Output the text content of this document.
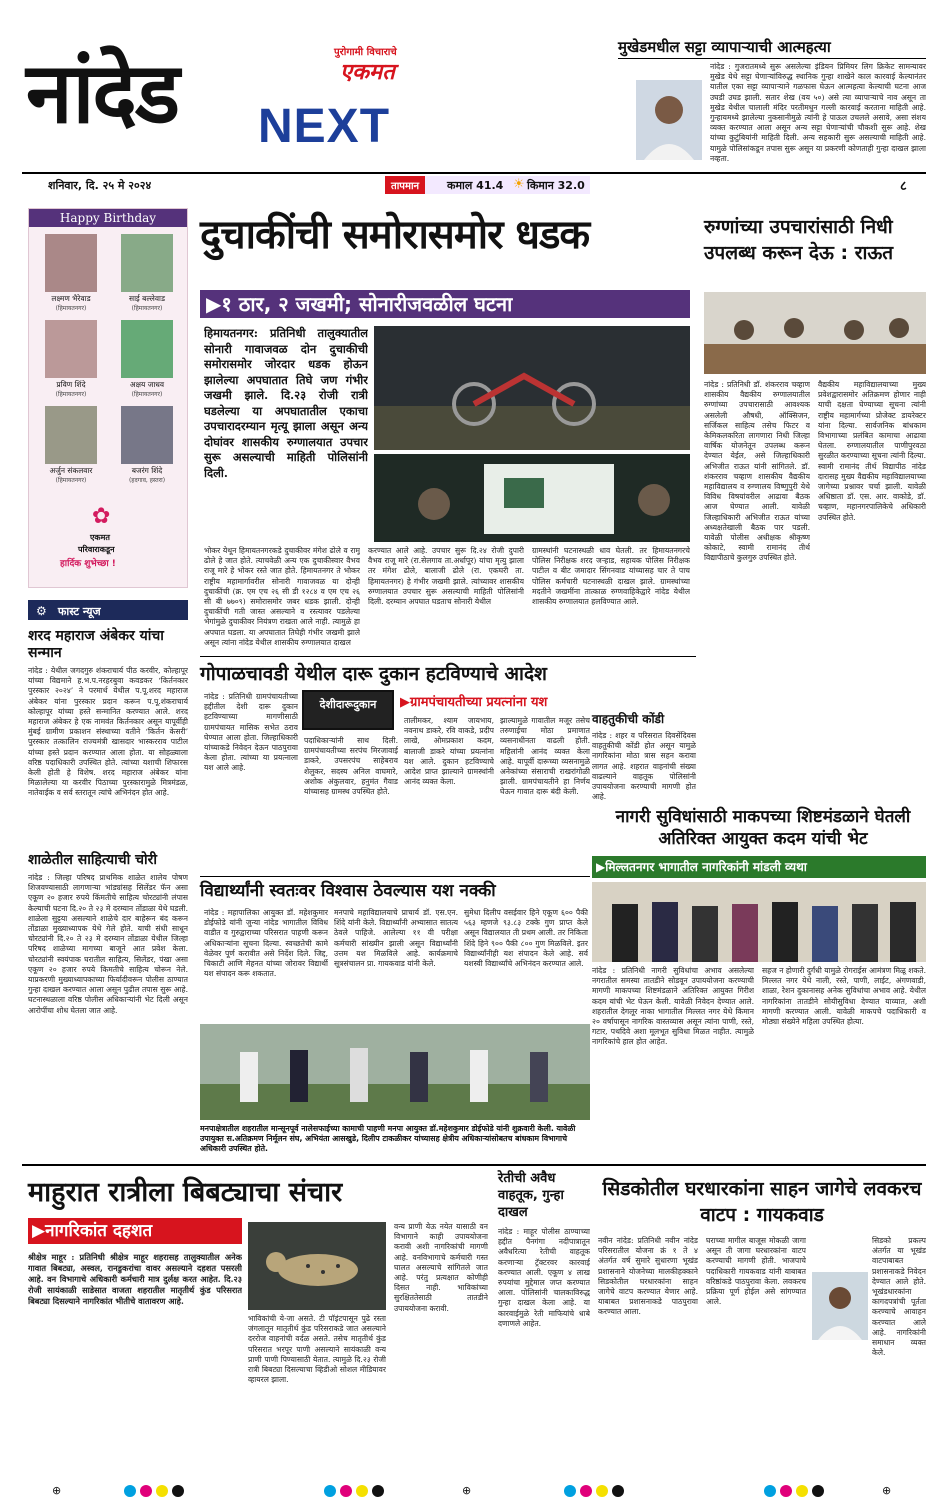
नांदेड	पुरोगामी विचाराचे
एकमत
NEXT
शनिवार, दि. २५ मे २०२४	तापमान	कमाल 41.4 ☀ किमान 32.0	८
मुखेडमधील सट्टा व्यापाऱ्याची आत्महत्या
नांदेड : गुजरातमध्ये सुरू असलेल्या इंडियन प्रिमियर लिग क्रिकेट सामन्यावर मुखेड येथे सट्टा घेणाऱ्यांविरुद्ध स्थानिक गुन्हा शाखेने काल कारवाई केल्यानंतर यातील एका सट्टा व्यापाऱ्याने गळफास घेऊन आत्महत्या केल्याची घटना आज उघडी उघड झाली. सतार शेख (वय ५०) असे त्या व्यापाऱ्याचे नाव असून ता मुखेड येथील चालाली मंदिर परतीमधुन गल्ली कारवाई करताना माहिती आहे. गुन्हायमध्ये झालेल्या नुकसानीमुळे त्यांनी हे पाऊल उचलले असावे, असा संशय व्यक्त करण्यात आला असून अन्य सट्टा घेणाऱ्यांची चौकशी सुरू आहे. शेख यांच्या कुटुंबियांनी माहिती दिली. अन्य सहकारी सुरू असल्याची माहिती आहे. यामुळे पोलिसांकडून तपास सुरू असून या प्रकरणी कोणताही गुन्हा दाखल झाला नव्हता.
Happy Birthday
लक्ष्मण भैरेवाड
(हिमायतनगर)
साई बल्लेवाड
(हिमायतनगर)
प्रविण शिंदे
(हिमायतनगर)
अक्षय जाधव
(हिमायतनगर)
अर्जुन संकलवार
(हिमायतनगर)
बजरंग शिंदे
(हदगाव, हस्तरा)
✿
एकमत
परिवाराकडून
हार्दिक शुभेच्छा !
⚙ फास्ट न्यूज
शरद महाराज अंबेकर यांचा सन्मान
नांदेड : येथील जगदगुरु शंकराचार्य पीठ करवीर, कोल्हापूर यांच्या विद्यमाने ह.भ.प.नरहरबुवा कवडकर ‘किर्तनकार पुरस्कार २०२४’ ने परमार्थ येथील प.पू.शरद महाराज अंबेकर यांना पुरस्कार प्रदान करून प.पू.शंकराचार्य कोल्हापूर यांच्या हस्ते सन्मानित करण्यात आले. शरद महाराज अंबेकर हे एक नामवंत किर्तनकार असून यापूर्वीही मुंबई ग्रामीण प्रकाशन संस्थाच्या वतीने ‘किर्तन केसरी’ पुरस्कार तत्कालिन राज्यमंत्री खासदार भास्करराव पाटील यांच्या हस्ते प्रदान करण्यात आला होता. या सोहळ्याला वरिष्ठ पदाधिकारी उपस्थित होते. त्यांच्या यशाची शिफारस केली होती हे विशेष. शरद महाराज अंबेकर यांना मिळालेल्या या करवीर पिठाच्या पुरस्कारामुळे मित्रमंडळ, नातेवाईक व सर्व स्तरातून त्यांचे अभिनंदन होत आहे.
शाळेतील साहित्याची चोरी
नांदेड : जिल्हा परिषद प्राथमिक शाळेत शालेय पोषण शिजवण्यासाठी लागणाऱ्या भांड्यांसह सिलेंडर फॅन असा एकूण २० हजार रुपये किंमतीचे साहित्य चोरट्यांनी लंपास केल्याची घटना दि.२० ते २३ मे दरम्यान तोंडाळा येथे घडली. शाळेला सुट्टया असल्याने शाळेचे दार बाहेरून बंद करून तोंडाळा मुख्याध्यापक येथे गेले होते. याची संधी साधून चोरट्यांनी दि.२० ते २३ मे दरम्यान तोंडाळा येथील जिल्हा परिषद शाळेच्या मागच्या बाजूने आत प्रवेश केला. चोरट्यांनी स्वयंपाक घरातील साहित्य, सिलेंडर, पंखा असा एकूण २० हजार रुपये किमतीचे साहित्य चोरून नेले. याप्रकरणी मुख्याध्यापकाच्या फिर्यादीवरून पोलीस ठाण्यात गुन्हा दाखल करण्यात आला असून पुढील तपास सुरू आहे. घटनास्थळाला वरिष्ठ पोलीस अधिकाऱ्यांनी भेट दिली असून आरोपींचा शोध घेतला जात आहे.
दुचाकींची समोरासमोर धडक
▶१ ठार, २ जखमी; सोनारीजवळील घटना
हिमायतनगर: प्रतिनिधी तालुक्यातील सोनारी गावाजवळ दोन दुचाकीची समोरासमोर जोरदार धडक होऊन झालेल्या अपघातात तिघे जण गंभीर जखमी झाले. दि.२३ रोजी रात्री घडलेल्या या अपघातातील एकाचा उपचारादरम्यान मृत्यू झाला असून अन्य दोघांवर शासकीय रुग्णालयात उपचार सुरू असल्याची माहिती पोलिसांनी दिली.
भोकर येथून हिमायतनगरकडे दुचाकीवर मंगेश ढोले व रामू ढोले हे जात होते. त्याचवेळी अन्य एक दुचाकीस्वार वैभव राजू मारे हे भोकर रस्ते जात होते. हिमायतनगर ते भोकर राष्ट्रीय महामार्गावरील सोनारी गावाजवळ या दोन्ही दुचाकींची (क्र. एम एच २६ सी डी १२८४ व एम एच २६ सी बी ७७०९) समोरासमोर जबर धडक झाली. दोन्ही दुचाकींची गती जास्त असल्याने व रस्त्यावर पडलेल्या भेगांमुळे दुचाकीवर नियंत्रण राखता आले नाही. त्यामुळे हा अपघात घडला. या अपघातात तिघेही गंभीर जखमी झाले असून त्यांना नांदेड येथील शासकीय रुग्णालयात दाखल
करण्यात आले आहे. उपचार सुरू दि.२४ रोजी दुपारी वैभव राजू मारे (रा.सेलगाव ता.अर्धापूर) यांचा मृत्यु झाला तर मंगेश ढोले, बालाजी ढोले (रा. एकघरी ता. हिमायतनगर) हे गंभीर जखमी झाले. त्यांच्यावर शासकीय रुग्णालयात उपचार सुरू असल्याची माहिती पोलिसांनी दिली. दरम्यान अपघात घडताच सोनारी येथील
ग्रामस्थांनी घटनास्थळी धाव घेतली. तर हिमायतनगरचे पोलिस निरीक्षक शरद जऱ्हाड, सहायक पोलिस निरीक्षक पाटील व बीट जमादार सिंगनवाड यांच्यासह चार ते पाच पोलिस कर्मचारी घटनास्थळी दाखल झाले. ग्रामस्थांच्या मदतीने जखमींना तात्काळ रुग्णवाहिकेद्वारे नांदेड येथील शासकीय रुग्णालयात हलविण्यात आले.
रुग्णांच्या उपचारांसाठी निधी उपलब्ध करून देऊ : राऊत
नांदेड : प्रतिनिधी डॉ. शंकरराव चव्हाण शासकीय वैद्यकीय रुग्णालयातील रुग्णांच्या उपचारासाठी आवश्यक असलेली औषधी, ऑक्सिजन, सर्जिकल साहित्य तसेच फिटर व केमिकलकरिता लागणारा निधी जिल्हा वार्षिक योजनेतून उपलब्ध करून देण्यात येईल, असे जिल्हाधिकारी अभिजीत राऊत यांनी सांगितले. डॉ. शंकरराव चव्हाण शासकीय वैद्यकीय महाविद्यालय व रुग्णालय विष्णुपुरी येथे विविध विषयांवरील आढावा बैठक आज घेण्यात आली. यावेळी जिल्हाधिकारी अभिजीत राऊत यांच्या अध्यक्षतेखाली बैठक पार पडली. यावेळी पोलीस अधीक्षक श्रीकृष्ण कोकाटे, स्वामी रामानंद तीर्थ विद्यापीठाचे कुलगुरु उपस्थित होते.
वैद्यकीय महाविद्यालयाच्या मुख्य प्रवेशद्वारासमोर अतिक्रमण होणार नाही याची दक्षता घेण्याच्या सूचना त्यांनी राष्ट्रीय महामार्गच्या प्रोजेक्ट डायरेक्टर यांना दिल्या. सार्वजनिक बांधकाम विभागाच्या प्रलंबित कामाचा आढावा घेतला. रुग्णालयातील पाणीपुरवठा सुरळीत करण्याच्या सूचना त्यांनी दिल्या. स्वामी रामानंद तीर्थ विद्यापीठ नांदेड दारासह मुख्य वैद्यकीय महाविद्यालयाच्या जागेच्या प्रश्नावर चर्चा झाली. यावेळी अधिष्ठाता डॉ. एस. आर. वाकोडे, डॉ. चव्हाण, महानगरपालिकेचे अधिकारी उपस्थित होते.
गोपाळचावडी येथील दारू दुकान हटविण्याचे आदेश
▶ग्रामपंचायतीच्या प्रयत्नांना यश
देशीदारूदुकान
नांदेड : प्रतिनिधी ग्रामपंचायतीच्या हद्दीतील देशी दारू दुकान हटविण्याच्या मागणीसाठी ग्रामपंचायत मासिक सभेत ठराव घेण्यात आला होता. जिल्हाधिकारी यांच्याकडे निवेदन देऊन पाठपुरावा केला होता. त्यांच्या या प्रयत्नाला यश आले आहे.
पदाधिकाऱ्यांनी साथ दिली. ग्रामपंचायतीच्या सरपंच मिरजावाई डाकरे, उपसरपंच साहेबराव शेलुकर, सदस्य अनिल वाघमारे, अशोक अंकुलवार, हनुमंत गैवाड यांच्यासह ग्रामस्थ उपस्थित होते.
तालीमकर, श्याम जायभाय, नवनाथ डाकरे, रवि वाकडे, प्रदीप लाखे, ओमप्रकाश कदम, बालाजी डाकरे यांच्या प्रयत्नांना यश आले. दुकान हटविण्याचे आदेश प्राप्त झाल्याने ग्रामस्थांनी आनंद व्यक्त केला.
झाल्यामुळे गावातील मजूर तसेच तरुणाईचा मोठा प्रमाणात व्यसनाधीनता वाढली होती. महिलांनी आनंद व्यक्त केला आहे. यापूर्वी दारूच्या व्यसनामुळे अनेकांच्या संसाराची राखरांगोळी झाली. ग्रामपंचायतीने हा निर्णय घेऊन गावात दारू बंदी केली.
वाहतुकीची कोंडी
नांदेड : शहर व परिसरात दिवसेंदिवस वाहतुकीची कोंडी होत असून यामुळे नागरिकांना मोठा त्रास सहन करावा लागत आहे. शहरात वाहनांची संख्या वाढल्याने वाहतूक पोलिसांनी उपाययोजना करण्याची मागणी होत आहे.
नागरी सुविधांसाठी माकपच्या शिष्टमंडळाने घेतली अतिरिक्त आयुक्त कदम यांची भेट
▶मिल्लतनगर भागातील नागरिकांनी मांडली व्यथा
नांदेड : प्रतिनिधी नागरी सुविधांचा अभाव असलेल्या नगरातील समस्या तातडीने सोडवून उपाययोजना करण्याची मागणी माकपच्या शिष्टमंडळाने अतिरिक्त आयुक्त गिरीश कदम यांची भेट घेऊन केली. यावेळी निवेदन देण्यात आले. शहरातील देगलूर नाका भागातील मिल्लत नगर येथे किमान २० वर्षापासून नागरिक वास्तव्यास असून त्यांना पाणी, रस्ते, गटार, पथदिवे अशा मूलभूत सुविधा मिळत नाहीत. त्यामुळे नागरिकांचे हाल होत आहेत.
सहज न होणारी दुर्गंधी यामुळे रोगराईस आमंत्रण मिळू शकते. मिल्लत नगर येथे नाली, रस्ते, पाणी, लाईट, अंगणवाडी, शाळा, रेशन दुकानासह अनेक सुविधांचा अभाव आहे. येथील नागरिकांना तातडीने सोयीसुविधा देण्यात याव्यात, अशी मागणी करण्यात आली. यावेळी माकपचे पदाधिकारी व मोठ्या संख्येने महिला उपस्थित होत्या.
विद्यार्थ्यांनी स्वतःवर विश्वास ठेवल्यास यश नक्की
नांदेड : महापालिका आयुक्त डॉ. महेशकुमार डोईफोडे यांनी जुन्या नांदेड भागातील विविध वाडीत व गुरुद्वाराच्या परिसरात पाहणी करून अधिकाऱ्यांना सूचना दिल्या. स्वच्छतेची कामे वेळेवर पूर्ण करावीत असे निर्देश दिले. जिद्द, चिकाटी आणि मेहनत यांच्या जोरावर विद्यार्थी यश संपादन करू शकतात.
मनपाचे महाविद्यालयाचे प्राचार्य डॉ. एस.एन. शिंदे यांनी केले. विद्यार्थ्यांनी अभ्यासात सातत्य ठेवले पाहिजे. आलेल्या ११ वी परीक्षा कर्मचारी सांख्यीन झाली असून विद्यार्थ्यांनी उत्तम यश मिळविले आहे. कार्यक्रमाचे सूत्रसंचालन प्रा. गायकवाड यांनी केले.
सुमेधा दिलीप वसईवार हिने एकूण ६०० पैकी ५६३ म्हणजे ९३.८३ टक्के गुण प्राप्त केले असून विद्यालयात ती प्रथम आली. तर निकिता शिंदे हिने ९०० पैकी ८०० गुण मिळविले. इतर विद्यार्थ्यांनीही यश संपादन केले आहे. सर्व यशस्वी विद्यार्थ्यांचे अभिनंदन करण्यात आले.
मनपाक्षेत्रातील शहरातील मान्सूनपूर्व नालेसफाईच्या कामाची पाहणी मनपा आयुक्त डॉ.महेशकुमार डोईफोडे यांनी शुक्रवारी केली. यावेळी उपायुक्त स.अतिक्रमण निर्मूलन संघ, अभियंता आसखुडे, दिलीप टाकळीकर यांच्यासह क्षेत्रीय अधिकाऱ्यांसोबतच बांधकाम विभागाचे अधिकारी उपस्थित होते.
माहुरात रात्रीला बिबट्याचा संचार
▶नागरिकांत दहशत
श्रीक्षेत्र माहूर : प्रतिनिधी श्रीक्षेत्र माहूर शहरासह तालुक्यातील अनेक गावात बिबट्या, अस्वल, रानडुकरांचा वावर असल्याने दहशत पसरली आहे. वन विभागाचे अधिकारी कर्मचारी मात्र दुर्लक्ष करत आहेत. दि.२३ रोजी सायंकाळी साडेसात वाजता शहरातील मातृतीर्थ कुंड परिसरात बिबट्या दिसल्याने नागरिकांत भीतीचे वातावरण आहे.
भाविकांची ये-जा असते. टी पॉइंटपासून पुढे रस्ता जंगलातून मातृतीर्थ कुंड परिसराकडे जात असल्याने दररोज वाहनांची वर्दळ असते. तसेच मातृतीर्थ कुंड परिसरात भरपूर पाणी असल्याने सायंकाळी वन्य प्राणी पाणी पिण्यासाठी येतात. त्यामुळे दि.२३ रोजी रात्री बिबट्या दिसल्याचा व्हिडीओ सोशल मीडियावर व्हायरल झाला.
वन्य प्राणी येऊ नयेत यासाठी वन विभागाने काही उपाययोजना करावी अशी नागरिकांची मागणी आहे. वनविभागाचे कर्मचारी गस्त घालत असल्याचे सांगितले जात आहे. परंतु प्रत्यक्षात कोणीही दिसत नाही. भाविकांच्या सुरक्षिततेसाठी तातडीने उपाययोजना करावी.
रेतीची अवैध वाहतूक, गुन्हा दाखल
नांदेड : माहूर पोलीस ठाण्याच्या हद्दीत पैनगंगा नदीपात्रातून अवैधरित्या रेतीची वाहतूक करणाऱ्या ट्रॅक्टरवर कारवाई करण्यात आली. एकूण ४ लाख रुपयांचा मुद्देमाल जप्त करण्यात आला. पोलिसांनी चालकाविरुद्ध गुन्हा दाखल केला आहे. या कारवाईमुळे रेती माफियांचे धाबे दणाणले आहेत.
सिडकोतील घरधारकांना साहन जागेचे लवकरच वाटप : गायकवाड
नवीन नांदेड: प्रतिनिधी नवीन नांदेड परिसरातील योजना क्रं १ ते ४ अंतर्गत वर्ष सुमारे सुधारणा भूखंड प्रशासनाने योजनेच्या मालकीहक्काने सिडकोतील घरधारकांना साहन जागेचे वाटप करण्यात येणार आहे. याबाबत प्रशासनाकडे पाठपुरावा करण्यात आला.
घराच्या मागील बाजूस मोकळी जागा असून ती जागा घरधारकांना वाटप करण्याची मागणी होती. भाजपाचे पदाधिकारी गायकवाड यांनी याबाबत वरिष्ठांकडे पाठपुरावा केला. लवकरच प्रक्रिया पूर्ण होईल असे सांगण्यात आले.
सिडको प्रकल्प अंतर्गत या भूखंड वाटपाबाबत प्रशासनाकडे निवेदन देण्यात आले होते. भूखंडधारकांना कागदपत्रांची पूर्तता करण्याचे आवाहन करण्यात आले आहे. नागरिकांनी समाधान व्यक्त केले.
⊕	⊕	⊕
